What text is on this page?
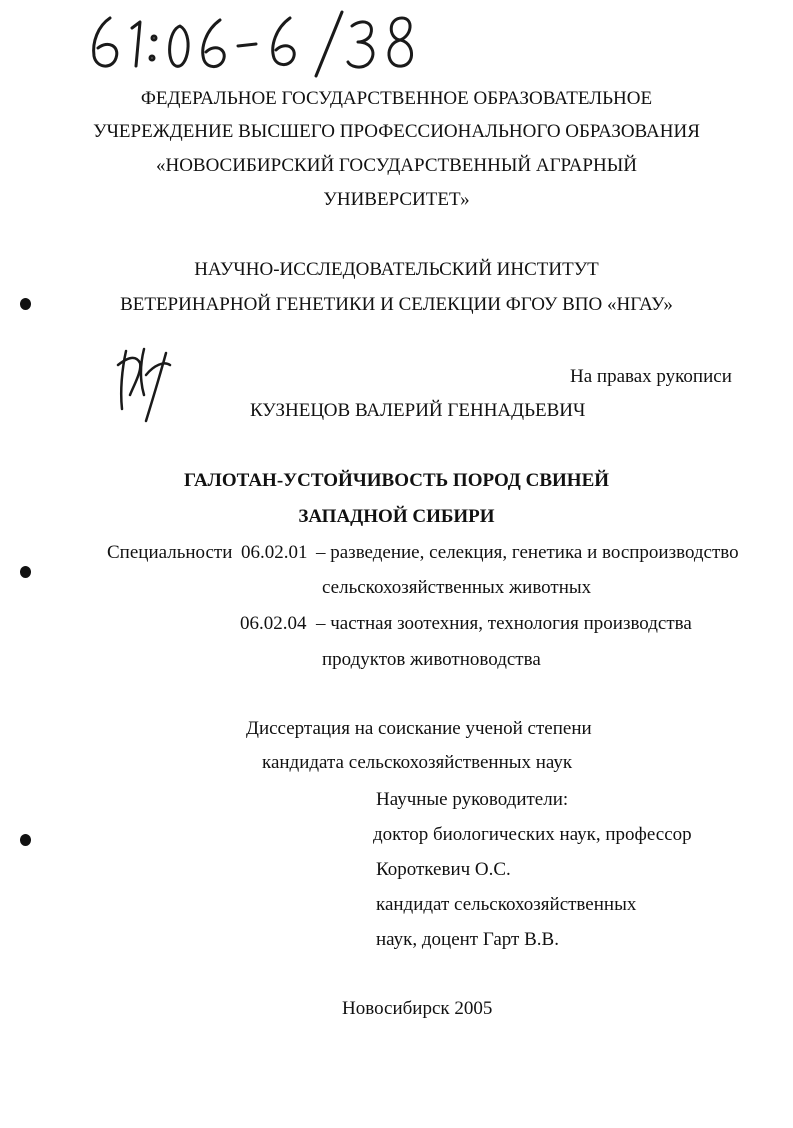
ФЕДЕРАЛЬНОЕ ГОСУДАРСТВЕННОЕ ОБРАЗОВАТЕЛЬНОЕ
УЧЕРЕЖДЕНИЕ ВЫСШЕГО ПРОФЕССИОНАЛЬНОГО ОБРАЗОВАНИЯ
«НОВОСИБИРСКИЙ ГОСУДАРСТВЕННЫЙ АГРАРНЫЙ
УНИВЕРСИТЕТ»
НАУЧНО-ИССЛЕДОВАТЕЛЬСКИЙ ИНСТИТУТ
ВЕТЕРИНАРНОЙ ГЕНЕТИКИ И СЕЛЕКЦИИ ФГОУ ВПО «НГАУ»
На правах рукописи
КУЗНЕЦОВ ВАЛЕРИЙ ГЕННАДЬЕВИЧ
ГАЛОТАН-УСТОЙЧИВОСТЬ ПОРОД СВИНЕЙ
ЗАПАДНОЙ СИБИРИ
Специальности 06.02.01 – разведение, селекция, генетика и воспроизводство
сельскохозяйственных животных
06.02.04 – частная зоотехния, технология производства
продуктов животноводства
Диссертация на соискание ученой степени
кандидата сельскохозяйственных наук
Научные руководители:
доктор биологических наук, профессор
Короткевич О.С.
кандидат сельскохозяйственных
наук, доцент Гарт В.В.
Новосибирск 2005
